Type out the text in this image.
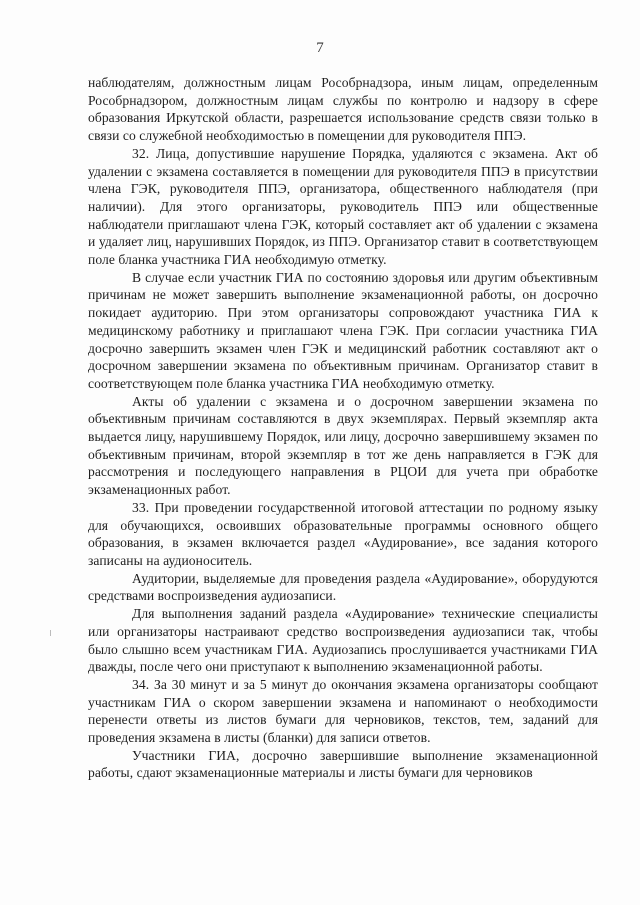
7

наблюдателям, должностным лицам Рособрнадзора, иным лицам, определенным Рособрнадзором, должностным лицам службы по контролю и надзору в сфере образования Иркутской области, разрешается использование средств связи только в связи со служебной необходимостью в помещении для руководителя ППЭ.

32. Лица, допустившие нарушение Порядка, удаляются с экзамена. Акт об удалении с экзамена составляется в помещении для руководителя ППЭ в присутствии члена ГЭК, руководителя ППЭ, организатора, общественного наблюдателя (при наличии). Для этого организаторы, руководитель ППЭ или общественные наблюдатели приглашают члена ГЭК, который составляет акт об удалении с экзамена и удаляет лиц, нарушивших Порядок, из ППЭ. Организатор ставит в соответствующем поле бланка участника ГИА необходимую отметку.

В случае если участник ГИА по состоянию здоровья или другим объективным причинам не может завершить выполнение экзаменационной работы, он досрочно покидает аудиторию. При этом организаторы сопровождают участника ГИА к медицинскому работнику и приглашают члена ГЭК. При согласии участника ГИА досрочно завершить экзамен член ГЭК и медицинский работник составляют акт о досрочном завершении экзамена по объективным причинам. Организатор ставит в соответствующем поле бланка участника ГИА необходимую отметку.

Акты об удалении с экзамена и о досрочном завершении экзамена по объективным причинам составляются в двух экземплярах. Первый экземпляр акта выдается лицу, нарушившему Порядок, или лицу, досрочно завершившему экзамен по объективным причинам, второй экземпляр в тот же день направляется в ГЭК для рассмотрения и последующего направления в РЦОИ для учета при обработке экзаменационных работ.

33. При проведении государственной итоговой аттестации по родному языку для обучающихся, освоивших образовательные программы основного общего образования, в экзамен включается раздел «Аудирование», все задания которого записаны на аудионоситель.

Аудитории, выделяемые для проведения раздела «Аудирование», оборудуются средствами воспроизведения аудиозаписи.

Для выполнения заданий раздела «Аудирование» технические специалисты или организаторы настраивают средство воспроизведения аудиозаписи так, чтобы было слышно всем участникам ГИА. Аудиозапись прослушивается участниками ГИА дважды, после чего они приступают к выполнению экзаменационной работы.

34. За 30 минут и за 5 минут до окончания экзамена организаторы сообщают участникам ГИА о скором завершении экзамена и напоминают о необходимости перенести ответы из листов бумаги для черновиков, текстов, тем, заданий для проведения экзамена в листы (бланки) для записи ответов.

Участники ГИА, досрочно завершившие выполнение экзаменационной работы, сдают экзаменационные материалы и листы бумаги для черновиков
